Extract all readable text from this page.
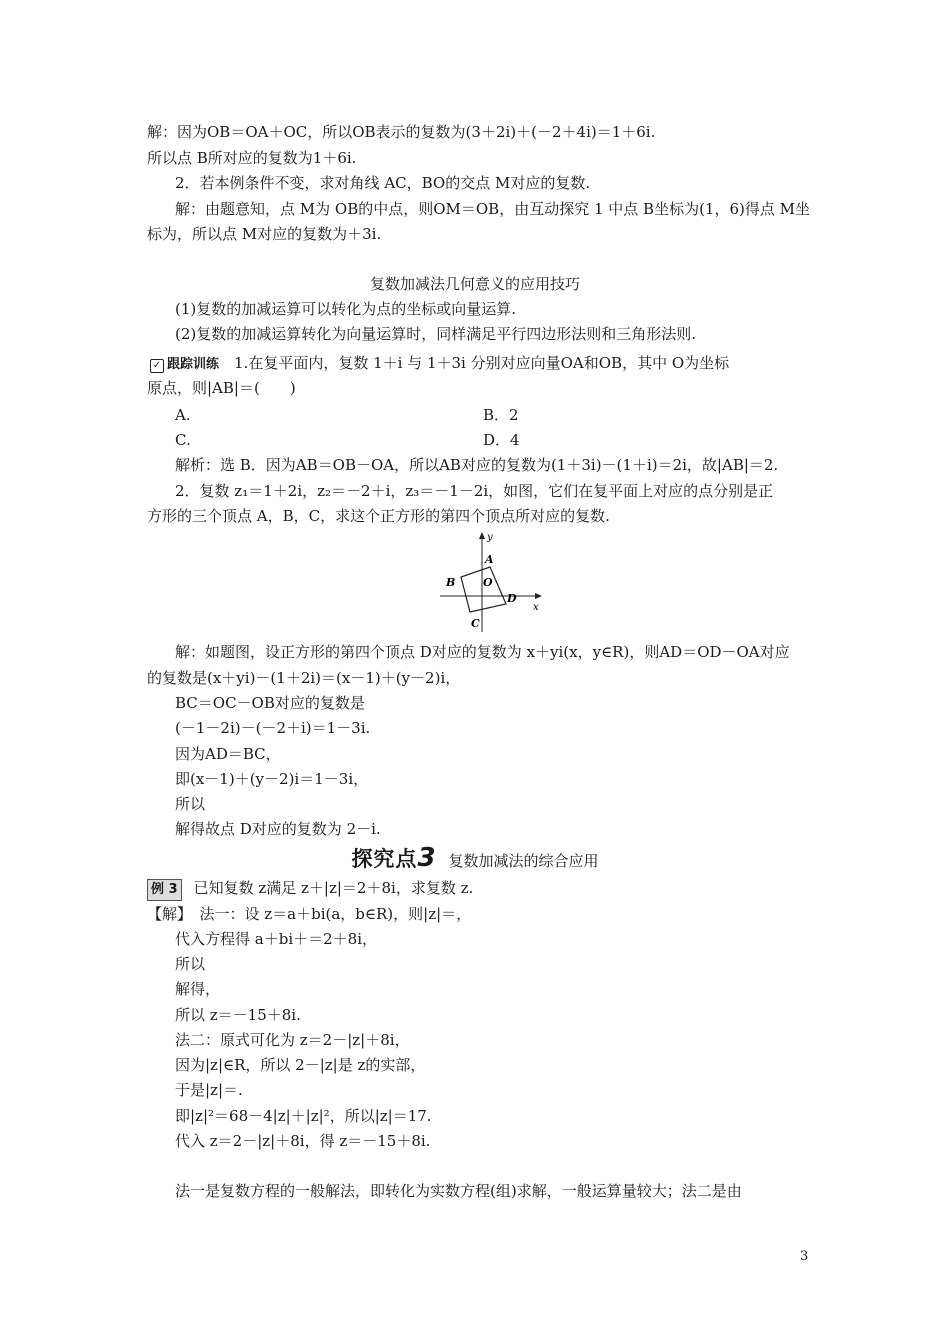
解：因为OB＝OA＋OC，所以OB表示的复数为(3＋2i)＋(－2＋4i)＝1＋6i.
所以点 B所对应的复数为1＋6i.
2．若本例条件不变，求对角线 AC，BO的交点 M对应的复数.
解：由题意知，点 M为 OB的中点，则OM＝OB，由互动探究 1 中点 B坐标为(1，6)得点 M坐
标为，所以点 M对应的复数为＋3i.
复数加减法几何意义的应用技巧
(1)复数的加减运算可以转化为点的坐标或向量运算.
(2)复数的加减运算转化为向量运算时，同样满足平行四边形法则和三角形法则.
✓ 跟踪训练 1.在复平面内，复数 1＋i 与 1＋3i 分别对应向量OA和OB，其中 O为坐标
原点，则|AB|＝(　　)
A.	B．2
C.	D．4
解析：选 B．因为AB＝OB－OA，所以AB对应的复数为(1＋3i)－(1＋i)＝2i，故|AB|＝2.
2．复数 z₁＝1＋2i，z₂＝－2＋i，z₃＝－1－2i，如图，它们在复平面上对应的点分别是正
方形的三个顶点 A，B，C，求这个正方形的第四个顶点所对应的复数.
y
x
A
B	O
C
D
解：如题图，设正方形的第四个顶点 D对应的复数为 x＋yi(x，y∈R)，则AD＝OD－OA对应
的复数是(x＋yi)－(1＋2i)＝(x－1)＋(y－2)i，
BC＝OC－OB对应的复数是
(－1－2i)－(－2＋i)＝1－3i.
因为AD＝BC，
即(x－1)＋(y－2)i＝1－3i，
所以
解得故点 D对应的复数为 2－i.
探究点3 复数加减法的综合应用
例 3 已知复数 z满足 z＋|z|＝2＋8i，求复数 z.
【解】　法一：设 z＝a＋bi(a，b∈R)，则|z|＝，
代入方程得 a＋bi＋＝2＋8i，
所以
解得，
所以 z＝－15＋8i.
法二：原式可化为 z＝2－|z|＋8i，
因为|z|∈R，所以 2－|z|是 z的实部，
于是|z|＝.
即|z|²＝68－4|z|＋|z|²，所以|z|＝17.
代入 z＝2－|z|＋8i，得 z＝－15＋8i.
法一是复数方程的一般解法，即转化为实数方程(组)求解，一般运算量较大；法二是由
3
